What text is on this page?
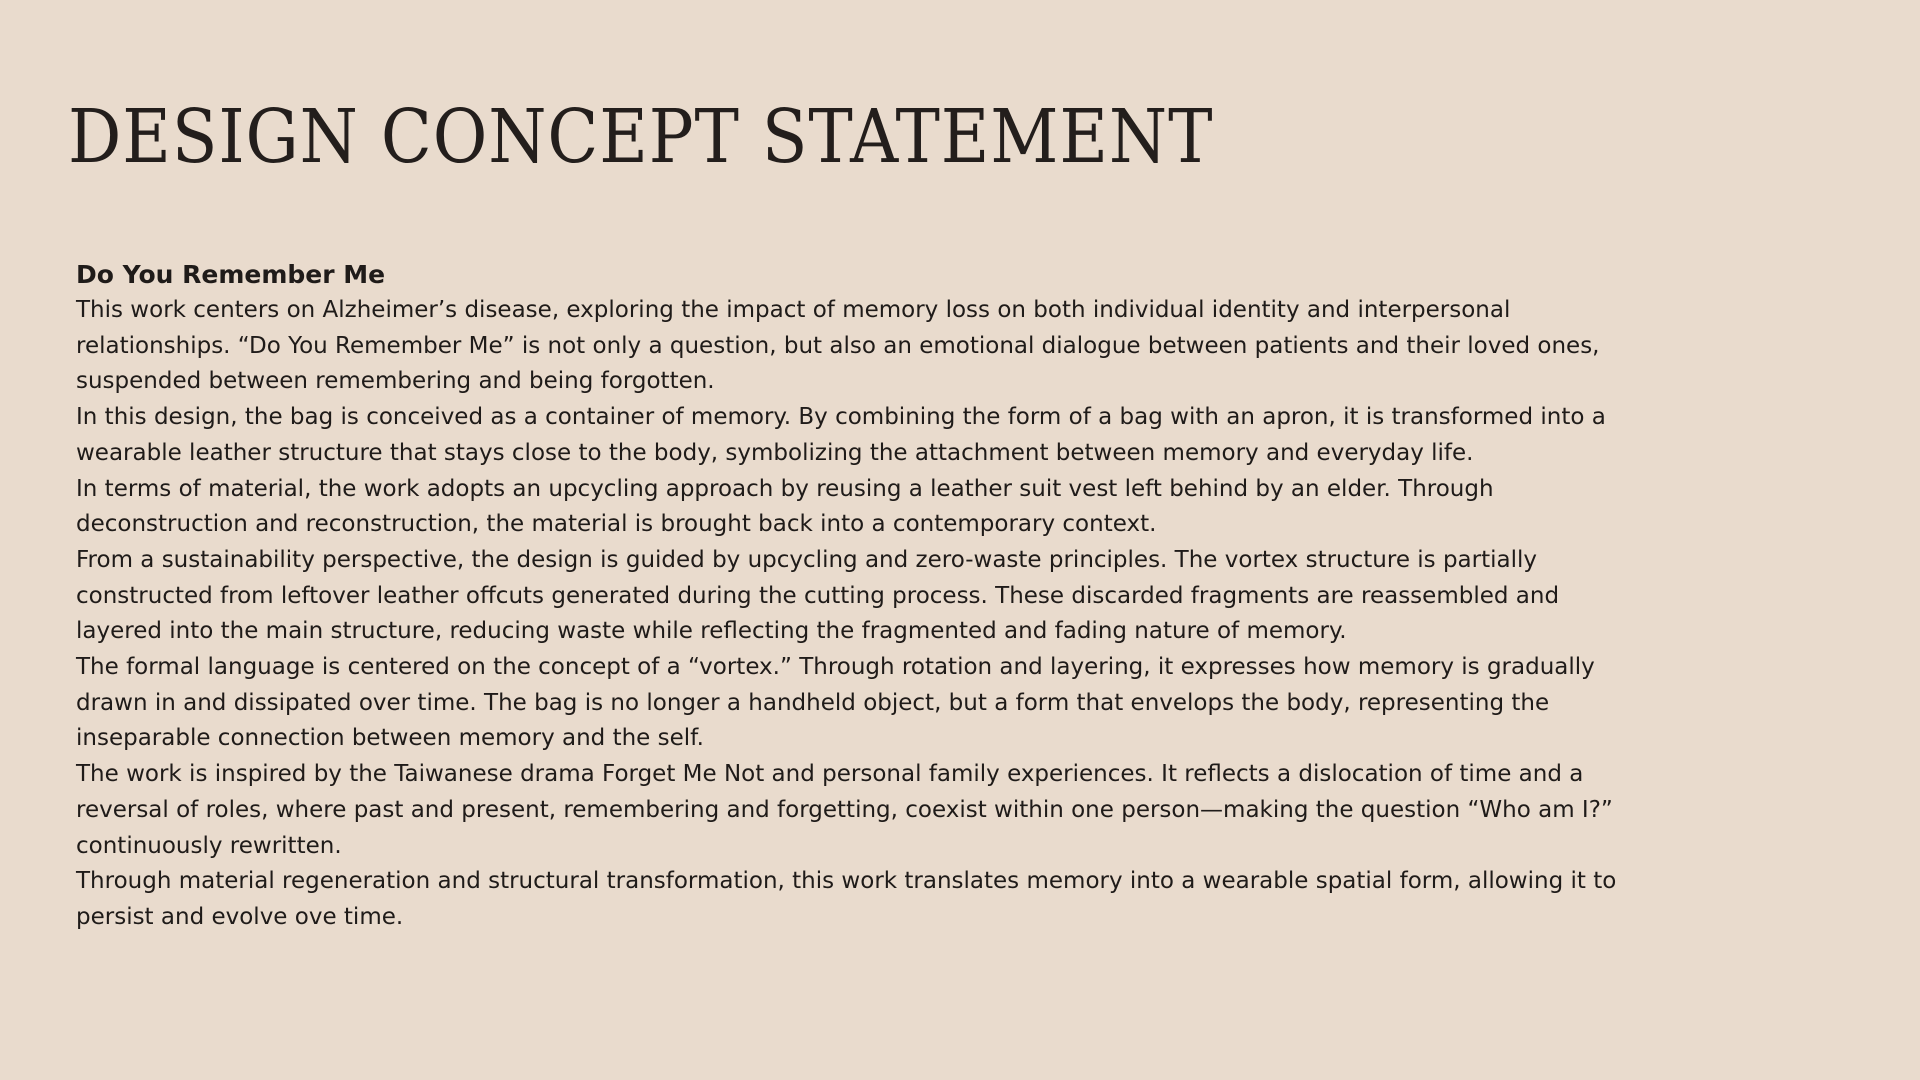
DESIGN CONCEPT STATEMENT
Do You Remember Me

This work centers on Alzheimer’s disease, exploring the impact of memory loss on both individual identity and interpersonal
relationships. “Do You Remember Me” is not only a question, but also an emotional dialogue between patients and their loved ones,
suspended between remembering and being forgotten.

In this design, the bag is conceived as a container of memory. By combining the form of a bag with an apron, it is transformed into a
wearable leather structure that stays close to the body, symbolizing the attachment between memory and everyday life.

In terms of material, the work adopts an upcycling approach by reusing a leather suit vest left behind by an elder. Through
deconstruction and reconstruction, the material is brought back into a contemporary context.

From a sustainability perspective, the design is guided by upcycling and zero-waste principles. The vortex structure is partially
constructed from leftover leather offcuts generated during the cutting process. These discarded fragments are reassembled and
layered into the main structure, reducing waste while reflecting the fragmented and fading nature of memory.

The formal language is centered on the concept of a “vortex.” Through rotation and layering, it expresses how memory is gradually
drawn in and dissipated over time. The bag is no longer a handheld object, but a form that envelops the body, representing the
inseparable connection between memory and the self.

The work is inspired by the Taiwanese drama Forget Me Not and personal family experiences. It reflects a dislocation of time and a
reversal of roles, where past and present, remembering and forgetting, coexist within one person—making the question “Who am I?”
continuously rewritten.

Through material regeneration and structural transformation, this work translates memory into a wearable spatial form, allowing it to
persist and evolve ove time.
